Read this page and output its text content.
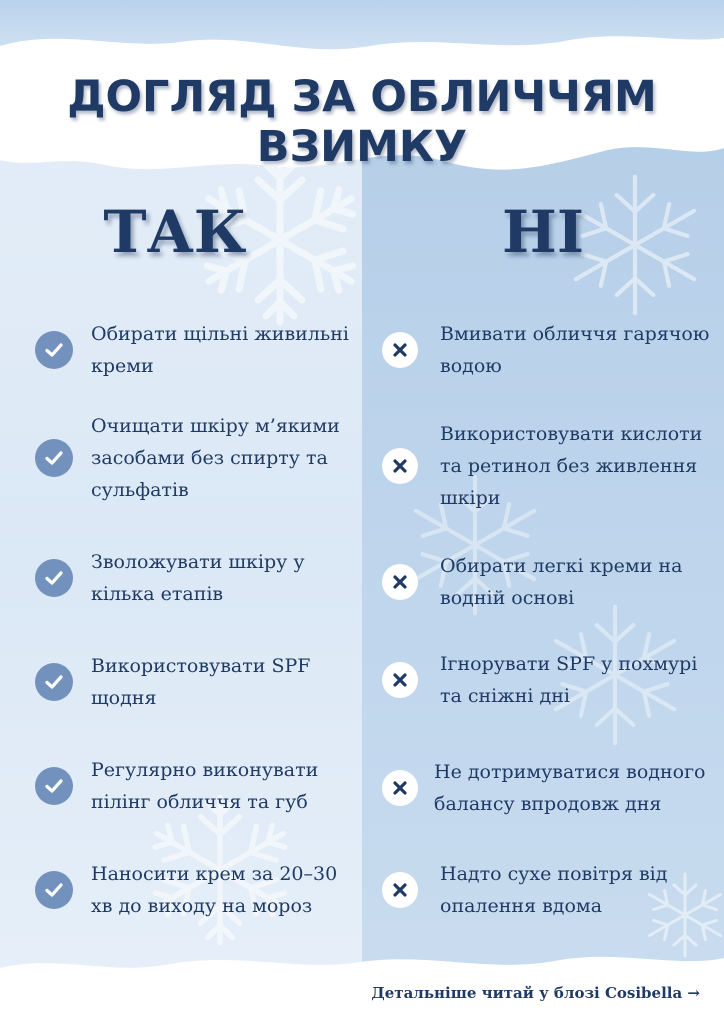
ДОГЛЯД ЗА ОБЛИЧЧЯМ ВЗИМКУ
ТАК	НІ
Обирати щільні живильні креми
Очищати шкіру м’якими засобами без спирту та сульфатів
Зволожувати шкіру у кілька етапів
Використовувати SPF щодня
Регулярно виконувати пілінг обличчя та губ
Наносити крем за 20–30 хв до виходу на мороз
Вмивати обличчя гарячою водою
Використовувати кислоти та ретинол без живлення шкіри
Обирати легкі креми на водній основі
Ігнорувати SPF у похмурі та сніжні дні
Не дотримуватися водного балансу впродовж дня
Надто сухе повітря від опалення вдома
Детальніше читай у блозі Cosibella →
